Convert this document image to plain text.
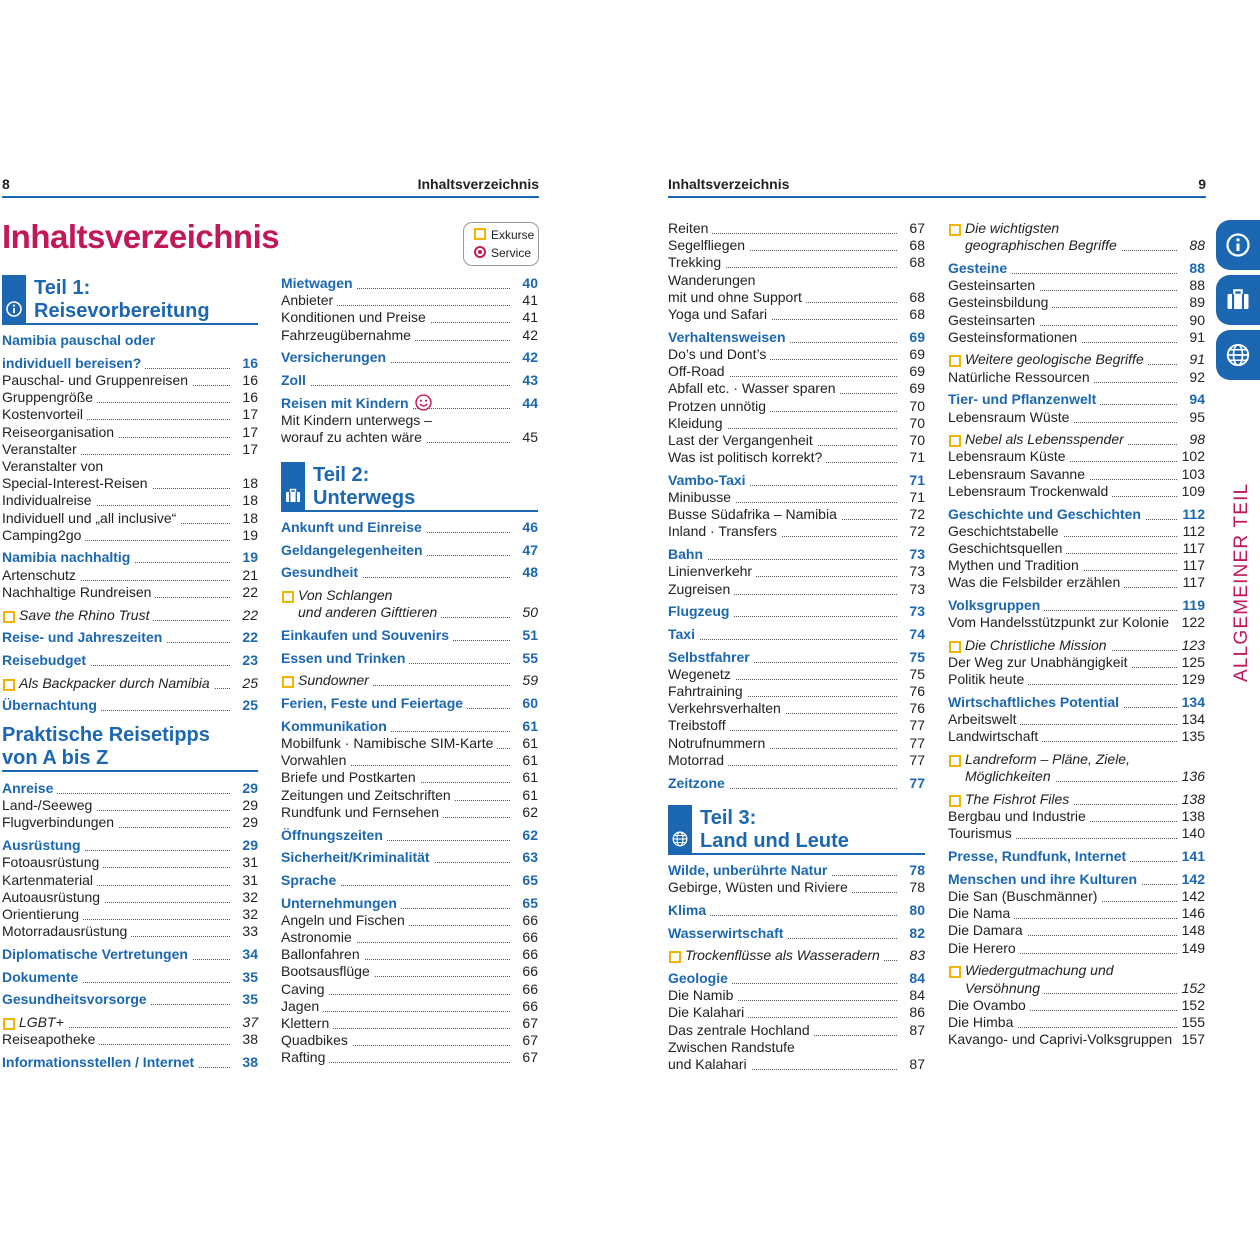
8	Inhaltsverzeichnis	Inhaltsverzeichnis	9
Inhaltsverzeichnis	Exkurse
Service
Teil 1:
Reisevorbereitung
Namibia pauschal oder
individuell bereisen?	16
Pauschal- und Gruppenreisen	16
Gruppengröße	16
Kostenvorteil	17
Reiseorganisation	17
Veranstalter	17
Veranstalter von
Special-Interest-Reisen	18
Individualreise	18
Individuell und „all inclusive“	18
Camping2go	19
Namibia nachhaltig	19
Artenschutz	21
Nachhaltige Rundreisen	22
Save the Rhino Trust	22
Reise- und Jahreszeiten	22
Reisebudget	23
Als Backpacker durch Namibia	25
Übernachtung	25
Praktische Reisetipps
von A bis Z
Anreise	29
Land-/Seeweg	29
Flugverbindungen	29
Ausrüstung	29
Fotoausrüstung	31
Kartenmaterial	31
Autoausrüstung	32
Orientierung	32
Motorradausrüstung	33
Diplomatische Vertretungen	34
Dokumente	35
Gesundheitsvorsorge	35
LGBT+	37
Reiseapotheke	38
Informationsstellen / Internet	38
Mietwagen	40
Anbieter	41
Konditionen und Preise	41
Fahrzeugübernahme	42
Versicherungen	42
Zoll	43
Reisen mit Kindern	44
Mit Kindern unterwegs –
worauf zu achten wäre	45
Teil 2:
Unterwegs
Ankunft und Einreise	46
Geldangelegenheiten	47
Gesundheit	48
Von Schlangen
und anderen Gifttieren	50
Einkaufen und Souvenirs	51
Essen und Trinken	55
Sundowner	59
Ferien, Feste und Feiertage	60
Kommunikation	61
Mobilfunk · Namibische SIM-Karte	61
Vorwahlen	61
Briefe und Postkarten	61
Zeitungen und Zeitschriften	61
Rundfunk und Fernsehen	62
Öffnungszeiten	62
Sicherheit/Kriminalität	63
Sprache	65
Unternehmungen	65
Angeln und Fischen	66
Astronomie	66
Ballonfahren	66
Bootsausflüge	66
Caving	66
Jagen	66
Klettern	67
Quadbikes	67
Rafting	67
Reiten	67
Segelfliegen	68
Trekking	68
Wanderungen
mit und ohne Support	68
Yoga und Safari	68
Verhaltensweisen	69
Do’s und Dont’s	69
Off-Road	69
Abfall etc. · Wasser sparen	69
Protzen unnötig	70
Kleidung	70
Last der Vergangenheit	70
Was ist politisch korrekt?	71
Vambo-Taxi	71
Minibusse	71
Busse Südafrika – Namibia	72
Inland · Transfers	72
Bahn	73
Linienverkehr	73
Zugreisen	73
Flugzeug	73
Taxi	74
Selbstfahrer	75
Wegenetz	75
Fahrtraining	76
Verkehrsverhalten	76
Treibstoff	77
Notrufnummern	77
Motorrad	77
Zeitzone	77
Teil 3:
Land und Leute
Wilde, unberührte Natur	78
Gebirge, Wüsten und Riviere	78
Klima	80
Wasserwirtschaft	82
Trockenflüsse als Wasseradern	83
Geologie	84
Die Namib	84
Die Kalahari	86
Das zentrale Hochland	87
Zwischen Randstufe
und Kalahari	87
Die wichtigsten
geographischen Begriffe	88
Gesteine	88
Gesteinsarten	88
Gesteinsbildung	89
Gesteinsarten	90
Gesteinsformationen	91
Weitere geologische Begriffe	91
Natürliche Ressourcen	92
Tier- und Pflanzenwelt	94
Lebensraum Wüste	95
Nebel als Lebensspender	98
Lebensraum Küste	102
Lebensraum Savanne	103
Lebensraum Trockenwald	109
Geschichte und Geschichten	112
Geschichtstabelle	112
Geschichtsquellen	117
Mythen und Tradition	117
Was die Felsbilder erzählen	117
Volksgruppen	119
Vom Handelsstützpunkt zur Kolonie 122
Die Christliche Mission	123
Der Weg zur Unabhängigkeit	125
Politik heute	129
Wirtschaftliches Potential	134
Arbeitswelt	134
Landwirtschaft	135
Landreform – Pläne, Ziele,
Möglichkeiten	136
The Fishrot Files	138
Bergbau und Industrie	138
Tourismus	140
Presse, Rundfunk, Internet	141
Menschen und ihre Kulturen	142
Die San (Buschmänner)	142
Die Nama	146
Die Damara	148
Die Herero	149
Wiedergutmachung und
Versöhnung	152
Die Ovambo	152
Die Himba	155
Kavango- und Caprivi-Volksgruppen 157
ALLGEMEINER TEIL
